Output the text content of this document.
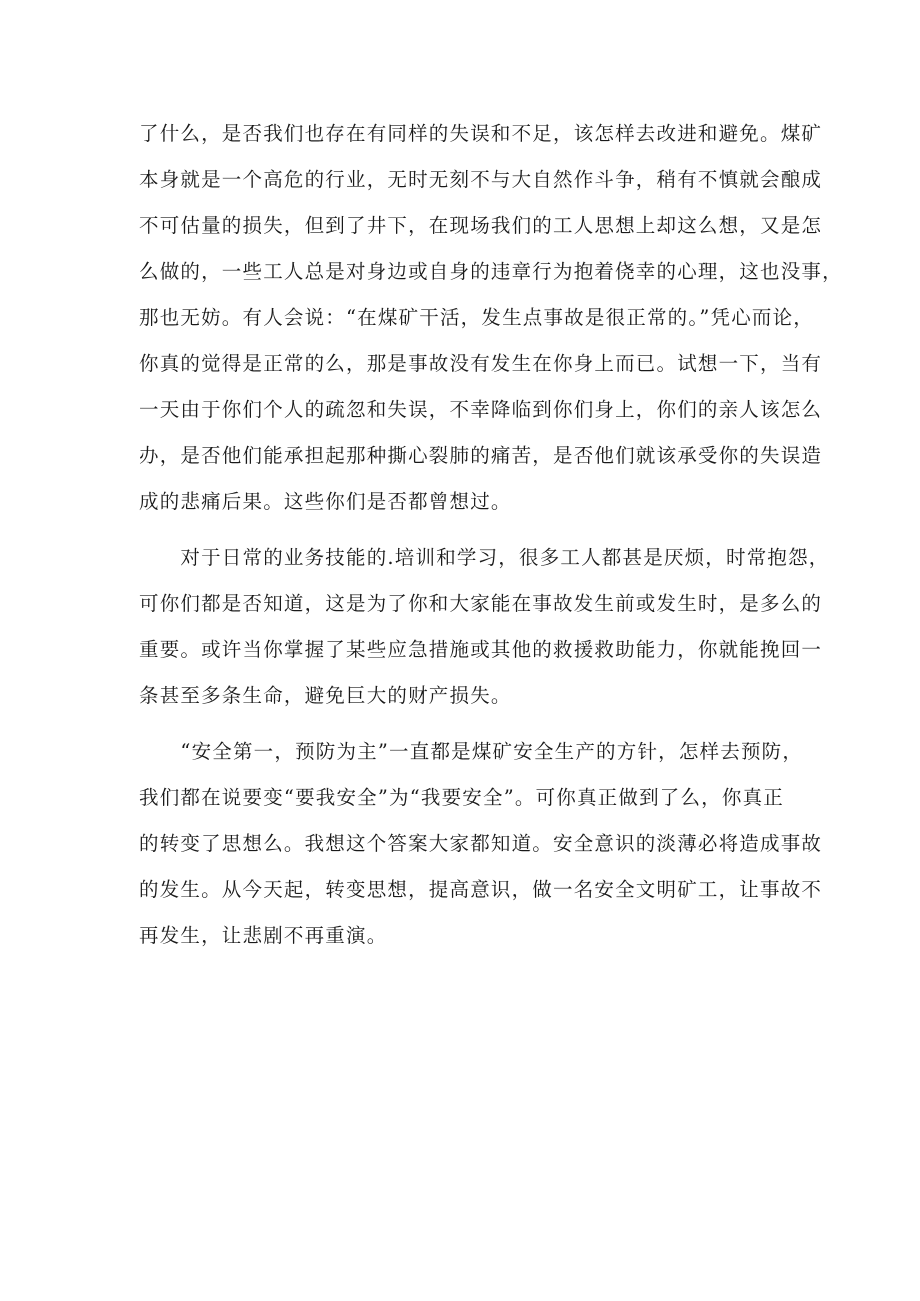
了什么，是否我们也存在有同样的失误和不足，该怎样去改进和避免。煤矿
本身就是一个高危的行业，无时无刻不与大自然作斗争，稍有不慎就会酿成
不可估量的损失，但到了井下，在现场我们的工人思想上却这么想，又是怎
么做的，一些工人总是对身边或自身的违章行为抱着侥幸的心理，这也没事，
那也无妨。有人会说：“在煤矿干活，发生点事故是很正常的。”凭心而论，
你真的觉得是正常的么，那是事故没有发生在你身上而已。试想一下，当有
一天由于你们个人的疏忽和失误，不幸降临到你们身上，你们的亲人该怎么
办，是否他们能承担起那种撕心裂肺的痛苦，是否他们就该承受你的失误造
成的悲痛后果。这些你们是否都曾想过。
　　对于日常的业务技能的.培训和学习，很多工人都甚是厌烦，时常抱怨，
可你们都是否知道，这是为了你和大家能在事故发生前或发生时，是多么的
重要。或许当你掌握了某些应急措施或其他的救援救助能力，你就能挽回一
条甚至多条生命，避免巨大的财产损失。
　　“安全第一，预防为主”一直都是煤矿安全生产的方针，怎样去预防，
我们都在说要变“要我安全”为“我要安全”。可你真正做到了么，你真正
的转变了思想么。我想这个答案大家都知道。安全意识的淡薄必将造成事故
的发生。从今天起，转变思想，提高意识，做一名安全文明矿工，让事故不
再发生，让悲剧不再重演。
